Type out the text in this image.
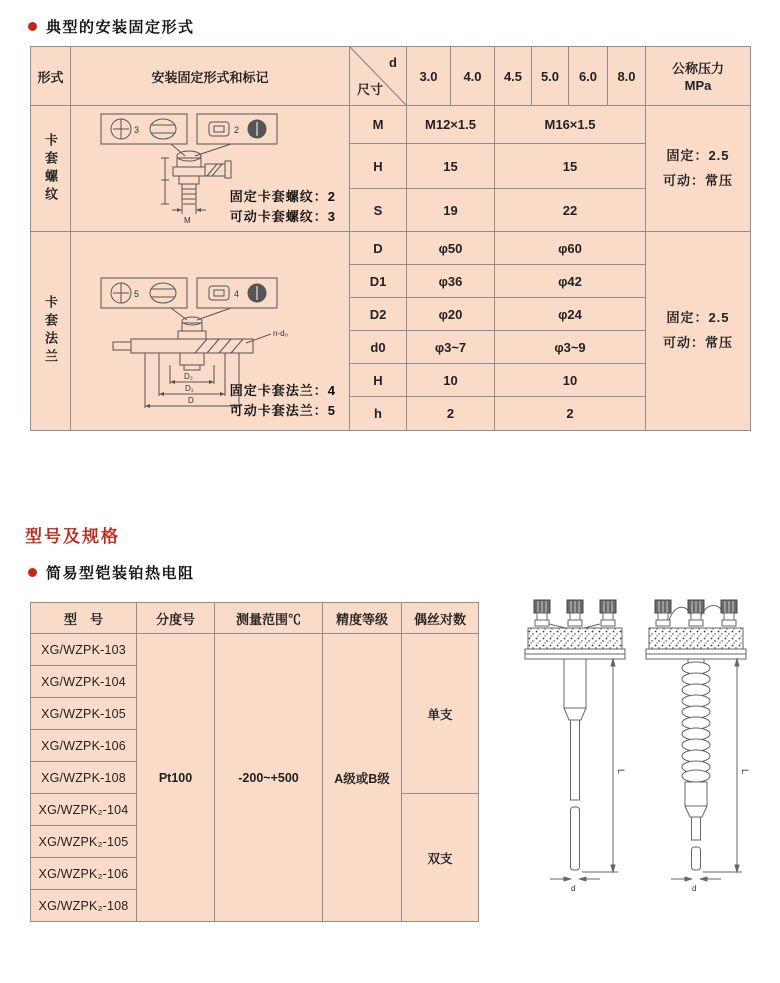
典型的安装固定形式
形式	安装固定形式和标记	d
尺寸	3.0	4.0	4.5	5.0	6.0	8.0	公称压力
MPa

卡套螺纹

3	2
M
固定卡套螺纹：2
可动卡套螺纹：3
	M	M12×1.5	M16×1.5	
固定：2.5
可动：常压

		H	15		15				
		S	19		22				

卡套法兰

5	4
n-d₀
D₂
D₁
D
固定卡套法兰：4
可动卡套法兰：5
	D	φ50	φ60	
固定：2.5
可动：常压

		D1	φ36		φ42				
		D2	φ20		φ24				
		d0	φ3~7		φ3~9				
		H	10		10				
		h	2		2				
型号及规格
简易型铠装铂热电阻
型　号	分度号	测量范围℃	精度等级	偶丝对数
XG/WZPK-103	Pt100	-200~+500	A级或B级	单支
XG/WZPK-104				
XG/WZPK-105				
XG/WZPK-106				
XG/WZPK-108				
XG/WZPK₂-104				双支
XG/WZPK₂-105				
XG/WZPK₂-106				
XG/WZPK₂-108				
L
d
L
d
